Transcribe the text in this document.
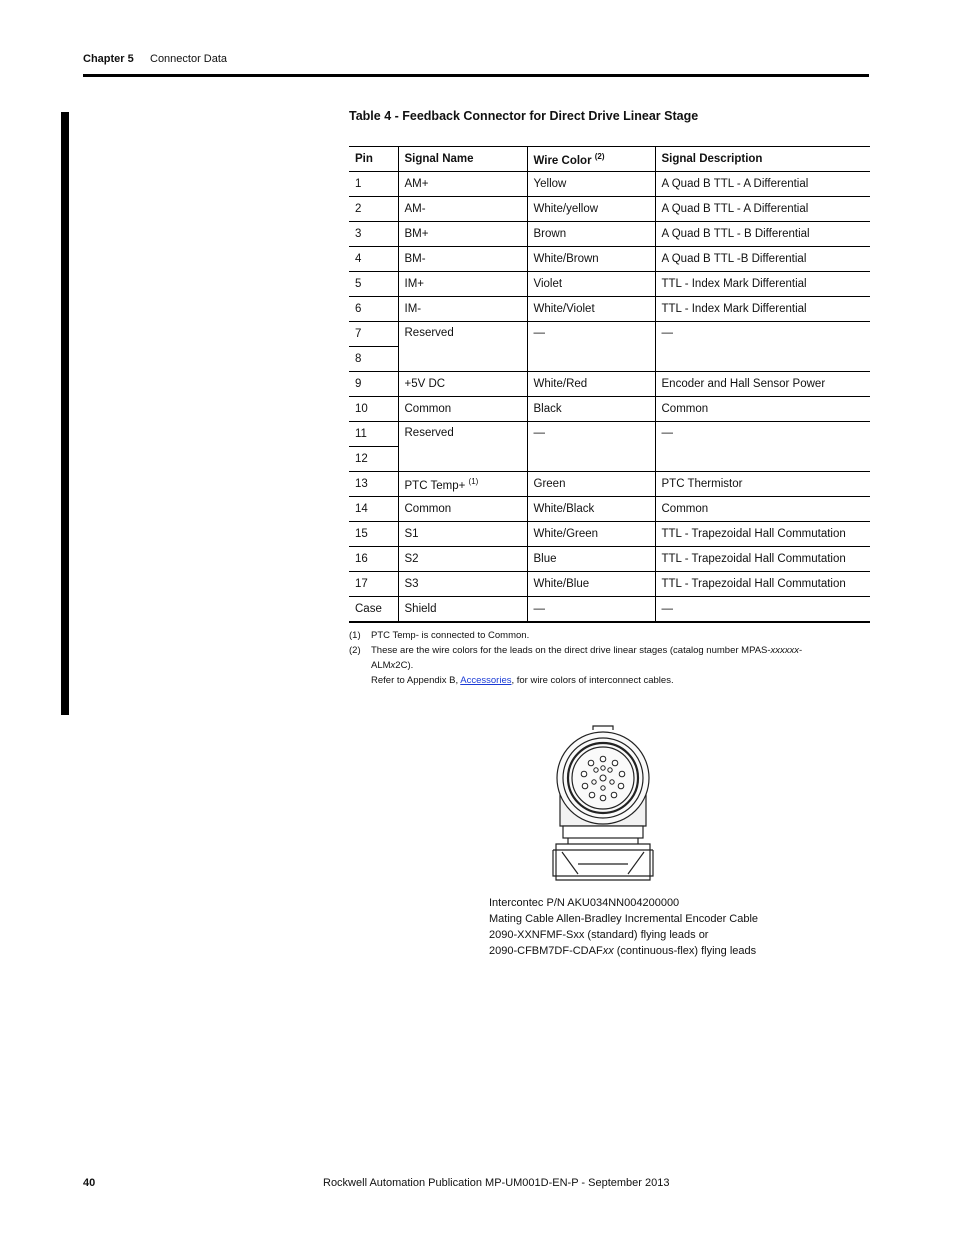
Chapter 5 Connector Data
Table 4 - Feedback Connector for Direct Drive Linear Stage
Pin	Signal Name	Wire Color $^{(2)}$	Signal Description
1	AM+	Yellow	A Quad B TTL - A Differential
2	AM-	White/yellow	A Quad B TTL - A Differential
3	BM+	Brown	A Quad B TTL - B Differential
4	BM-	White/Brown	A Quad B TTL -B Differential
5	IM+	Violet	TTL - Index Mark Differential
6	IM-	White/Violet	TTL - Index Mark Differential
7	Reserved	—	—
8			
9	+5V DC	White/Red	Encoder and Hall Sensor Power
10	Common	Black	Common
11	Reserved	—	—
12			
13	PTC Temp+ $^{(1)}$	Green	PTC Thermistor
14	Common	White/Black	Common
15	S1	White/Green	TTL - Trapezoidal Hall Commutation
16	S2	Blue	TTL - Trapezoidal Hall Commutation
17	S3	White/Blue	TTL - Trapezoidal Hall Commutation
Case	Shield	—	—
(1)	PTC Temp- is connected to Common.
(2)	These are the wire colors for the leads on the direct drive linear stages (catalog number MPAS-xxxxxx-ALMx2C).
Refer to Appendix B, Accessories, for wire colors of interconnect cables.
Intercontec P/N AKU034NN004200000
Mating Cable Allen-Bradley Incremental Encoder Cable
2090-XXNFMF-Sxx (standard) flying leads or
2090-CFBM7DF-CDAFxx (continuous-flex) flying leads
40	Rockwell Automation Publication MP-UM001D-EN-P - September 2013
